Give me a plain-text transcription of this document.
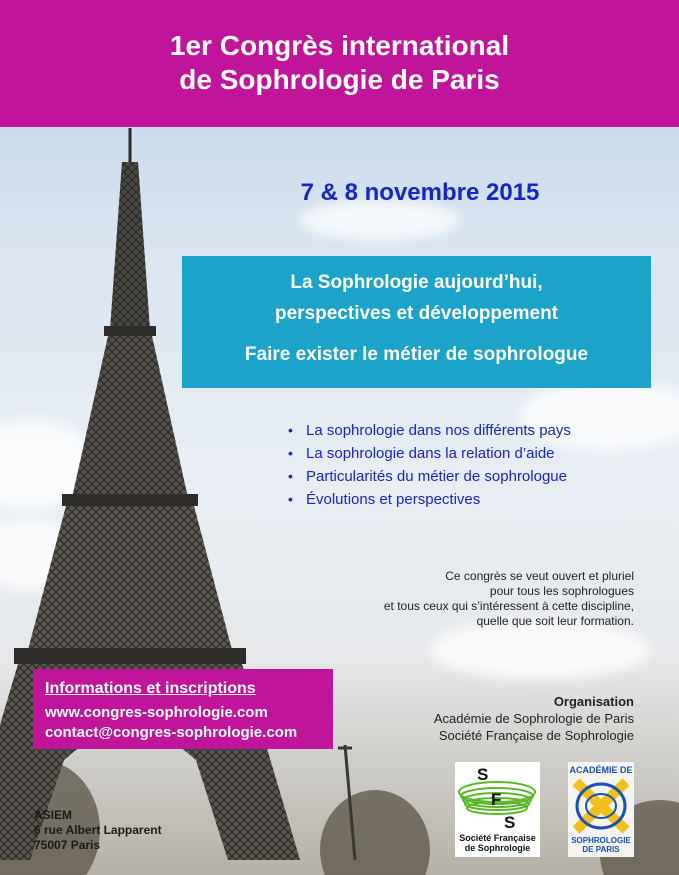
1er Congrès international
de Sophrologie de Paris
7 & 8 novembre 2015
La Sophrologie aujourd’hui,
perspectives et développement
Faire exister le métier de sophrologue
• La sophrologie dans nos différents pays
• La sophrologie dans la relation d’aide
• Particularités du métier de sophrologue
• Évolutions et perspectives
Ce congrès se veut ouvert et pluriel
pour tous les sophrologues
et tous ceux qui s’intéressent à cette discipline,
quelle que soit leur formation.
Informations et inscriptions
www.congres-sophrologie.com
contact@congres-sophrologie.com
Organisation
Académie de Sophrologie de Paris
Société Française de Sophrologie
ASIEM
6 rue Albert Lapparent
75007 Paris
S
F
S
Société Française
de Sophrologie
ACADÉMIE DE
SOPHROLOGIE
DE PARIS
